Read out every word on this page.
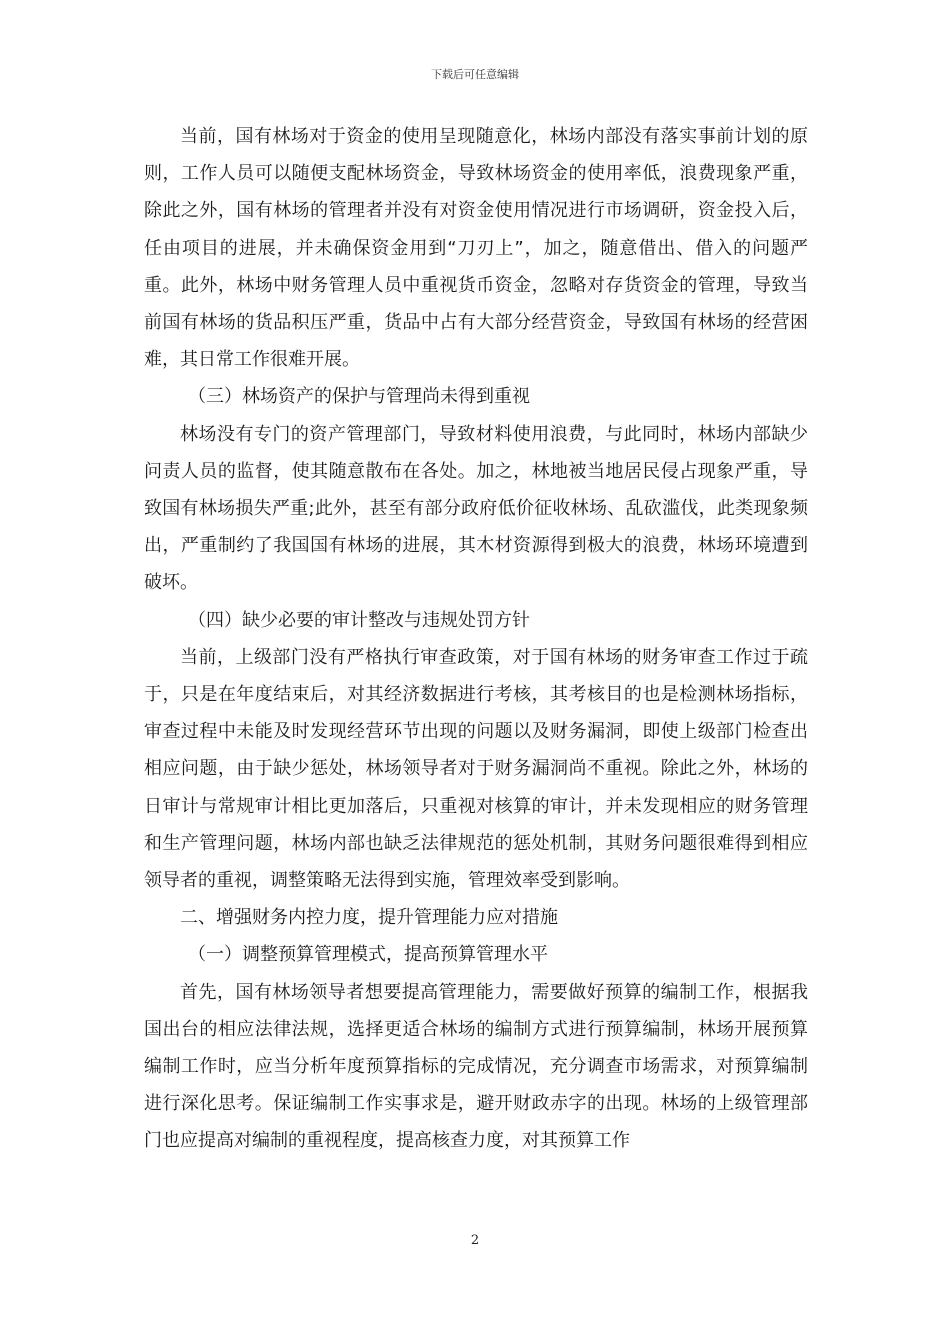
下载后可任意编辑

当前，国有林场对于资金的使用呈现随意化，林场内部没有落实事前计划的原则，工作人员可以随便支配林场资金，导致林场资金的使用率低，浪费现象严重，除此之外，国有林场的管理者并没有对资金使用情况进行市场调研，资金投入后，任由项目的进展，并未确保资金用到“刀刃上”，加之，随意借出、借入的问题严重。此外，林场中财务管理人员中重视货币资金，忽略对存货资金的管理，导致当前国有林场的货品积压严重，货品中占有大部分经营资金，导致国有林场的经营困难，其日常工作很难开展。

（三）林场资产的保护与管理尚未得到重视

林场没有专门的资产管理部门，导致材料使用浪费，与此同时，林场内部缺少问责人员的监督，使其随意散布在各处。加之，林地被当地居民侵占现象严重，导致国有林场损失严重;此外，甚至有部分政府低价征收林场、乱砍滥伐，此类现象频出，严重制约了我国国有林场的进展，其木材资源得到极大的浪费，林场环境遭到破坏。

（四）缺少必要的审计整改与违规处罚方针

当前，上级部门没有严格执行审查政策，对于国有林场的财务审查工作过于疏于，只是在年度结束后，对其经济数据进行考核，其考核目的也是检测林场指标，审查过程中未能及时发现经营环节出现的问题以及财务漏洞，即使上级部门检查出相应问题，由于缺少惩处，林场领导者对于财务漏洞尚不重视。除此之外，林场的日审计与常规审计相比更加落后，只重视对核算的审计，并未发现相应的财务管理和生产管理问题，林场内部也缺乏法律规范的惩处机制，其财务问题很难得到相应领导者的重视，调整策略无法得到实施，管理效率受到影响。

二、增强财务内控力度，提升管理能力应对措施

（一）调整预算管理模式，提高预算管理水平

首先，国有林场领导者想要提高管理能力，需要做好预算的编制工作，根据我国出台的相应法律法规，选择更适合林场的编制方式进行预算编制，林场开展预算编制工作时，应当分析年度预算指标的完成情况，充分调查市场需求，对预算编制进行深化思考。保证编制工作实事求是，避开财政赤字的出现。林场的上级管理部门也应提高对编制的重视程度，提高核查力度，对其预算工作

2
